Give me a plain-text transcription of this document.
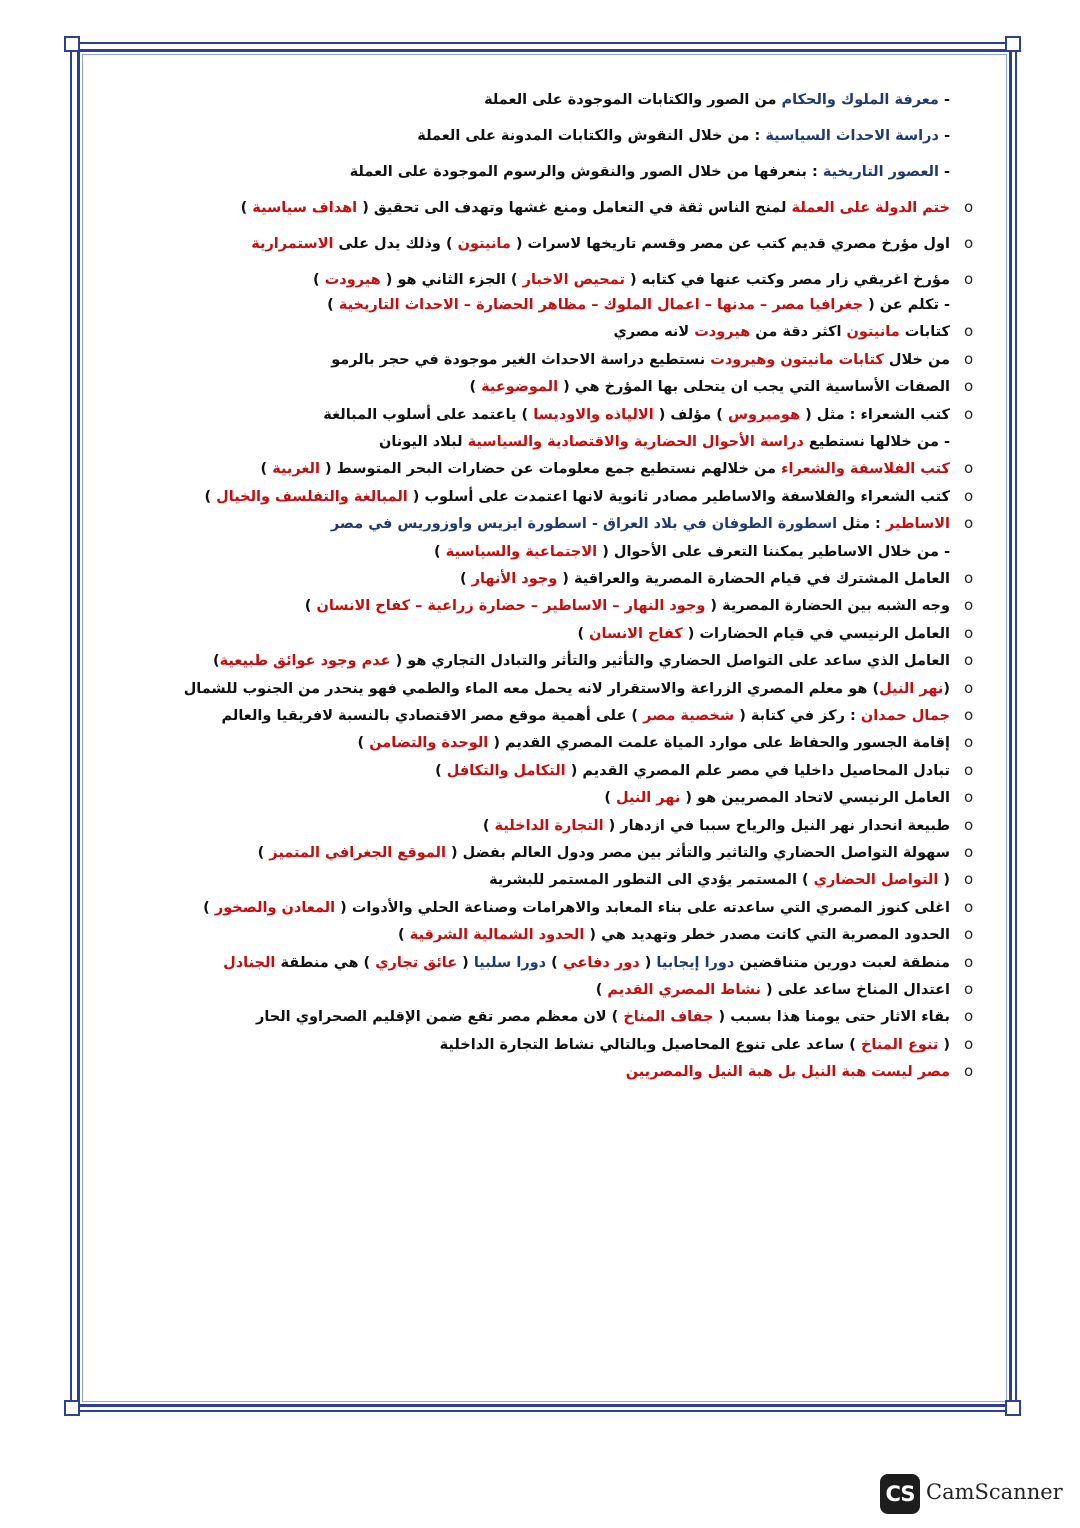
- معرفة الملوك والحكام من الصور والكتابات الموجودة على العملة
- دراسة الاحداث السياسية : من خلال النقوش والكتابات المدونة على العملة
- العصور التاريخية : بنعرفها من خلال الصور والنقوش والرسوم الموجودة على العملة
ختم الدولة على العملة لمنح الناس ثقة في التعامل ومنع غشها وتهدف الى تحقيق ( اهداف سياسية )	o
اول مؤرخ مصري قديم كتب عن مصر وقسم تاريخها لاسرات ( مانيتون ) وذلك يدل على الاستمرارية	o
مؤرخ اغريقي زار مصر وكتب عنها في كتابه ( تمحيص الاخبار ) الجزء الثاني هو ( هيرودت )	o
- تكلم عن ( جغرافيا مصر – مدنها – اعمال الملوك – مظاهر الحضارة – الاحداث التاريخية )
كتابات مانيتون اكثر دقة من هيرودت لانه مصري	o
من خلال كتابات مانيتون وهيرودت نستطيع دراسة الاحداث الغير موجودة في حجر بالرمو	o
الصفات الأساسية التي يجب ان يتحلى بها المؤرخ هي ( الموضوعية )	o
كتب الشعراء : مثل ( هوميروس ) مؤلف ( الالياذه والاوديسا ) ياعتمد على أسلوب المبالغة	o
- من خلالها نستطيع دراسة الأحوال الحضارية والاقتصادية والسياسية لبلاد اليونان
كتب الفلاسفة والشعراء من خلالهم نستطيع جمع معلومات عن حضارات البحر المتوسط ( الغربية )	o
كتب الشعراء والفلاسفة والاساطير مصادر ثانوية لانها اعتمدت على أسلوب ( المبالغة والتفلسف والخيال )	o
الاساطير : مثل اسطورة الطوفان في بلاد العراق - اسطورة ايزيس واوزوريس في مصر	o
- من خلال الاساطير يمكننا التعرف على الأحوال ( الاجتماعية والسياسية )
العامل المشترك في قيام الحضارة المصرية والعراقية ( وجود الأنهار )	o
وجه الشبه بين الحضارة المصرية ( وجود النهار – الاساطير – حضارة زراعية – كفاح الانسان )	o
العامل الرنيسي في قيام الحضارات ( كفاح الانسان )	o
العامل الذي ساعد على التواصل الحضاري والتأثير والتأثر والتبادل التجاري هو ( عدم وجود عوائق طبيعية)	o
(نهر النيل) هو معلم المصري الزراعة والاستقرار لانه يحمل معه الماء والطمي فهو ينحدر من الجنوب للشمال	o
جمال حمدان : ركز في كتابة ( شخصية مصر ) على أهمية موقع مصر الاقتصادي بالنسبة لافريقيا والعالم	o
إقامة الجسور والحفاظ على موارد المياة علمت المصري القديم ( الوحدة والتضامن )	o
تبادل المحاصيل داخليا في مصر علم المصري القديم ( التكامل والتكافل )	o
العامل الرنيسي لاتحاد المصريين هو ( نهر النيل )	o
طبيعة انحدار نهر النيل والرياح سببا في ازدهار ( التجارة الداخلية )	o
سهولة التواصل الحضاري والتاثير والتأثر بين مصر ودول العالم بفضل ( الموقع الجغرافي المتميز )	o
( التواصل الحضاري ) المستمر يؤدي الى التطور المستمر للبشرية	o
اغلى كنوز المصري التي ساعدته على بناء المعابد والاهرامات وصناعة الحلي والأدوات ( المعادن والصخور )	o
الحدود المصرية التي كانت مصدر خطر وتهديد هي ( الحدود الشمالية الشرقية )	o
منطقة لعبت دورين متناقضين دورا إيجابيا ( دور دفاعي ) دورا سلبيا ( عائق تجاري ) هي منطقة الجنادل	o
اعتدال المناخ ساعد على ( نشاط المصري القديم )	o
بقاء الاثار حتى يومنا هذا بسبب ( جفاف المناخ ) لان معظم مصر تقع ضمن الإقليم الصحراوي الحار	o
( تنوع المناخ ) ساعد على تنوع المحاصيل وبالتالي نشاط التجارة الداخلية	o
مصر ليست هبة النيل بل هبة النيل والمصريين o
CS CamScanner
